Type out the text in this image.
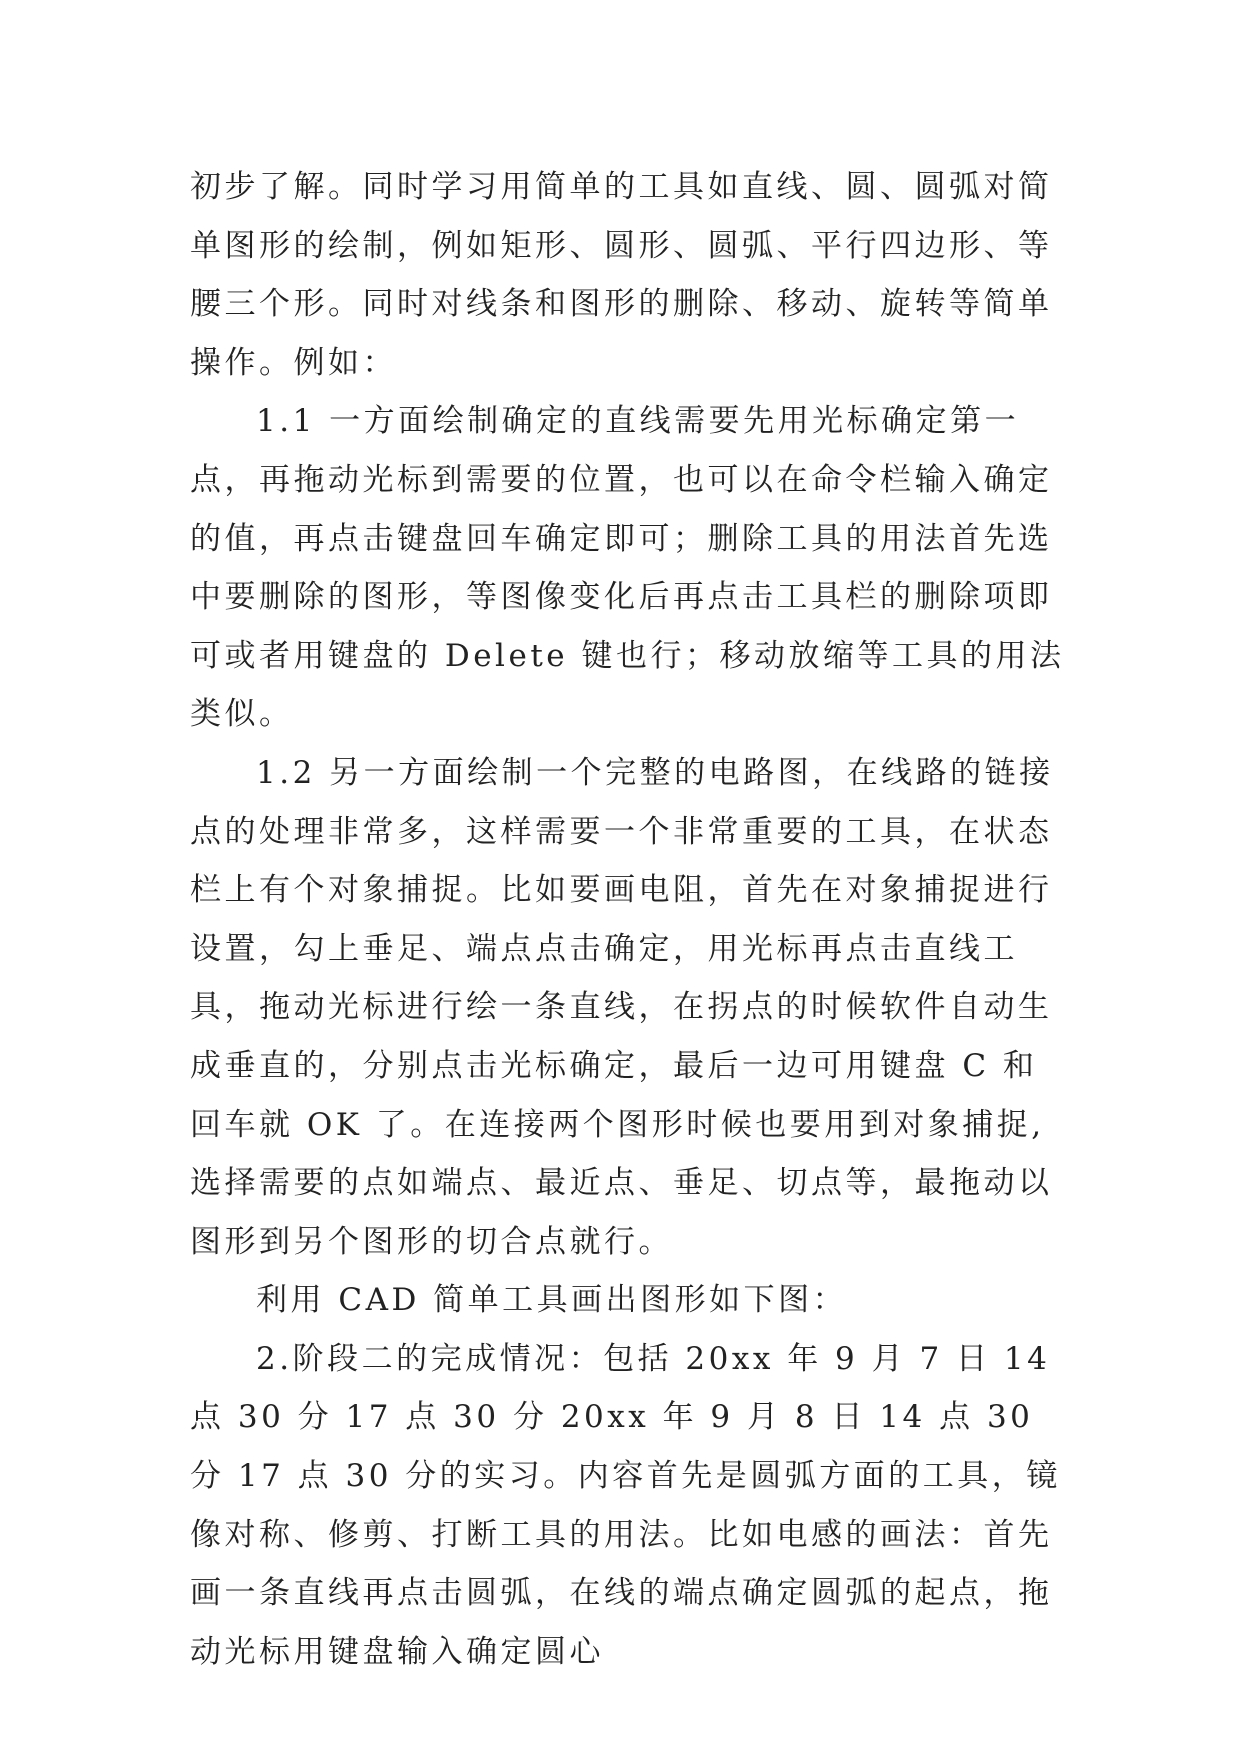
初步了解。同时学习用简单的工具如直线、圆、圆弧对简单图形的绘制，例如矩形、圆形、圆弧、平行四边形、等腰三个形。同时对线条和图形的删除、移动、旋转等简单操作。例如：

1.1 一方面绘制确定的直线需要先用光标确定第一点，再拖动光标到需要的位置，也可以在命令栏输入确定的值，再点击键盘回车确定即可；删除工具的用法首先选中要删除的图形，等图像变化后再点击工具栏的删除项即可或者用键盘的 Delete 键也行；移动放缩等工具的用法类似。

1.2 另一方面绘制一个完整的电路图，在线路的链接点的处理非常多，这样需要一个非常重要的工具，在状态栏上有个对象捕捉。比如要画电阻，首先在对象捕捉进行设置，勾上垂足、端点点击确定，用光标再点击直线工具，拖动光标进行绘一条直线，在拐点的时候软件自动生成垂直的，分别点击光标确定，最后一边可用键盘 C 和回车就 OK 了。在连接两个图形时候也要用到对象捕捉,选择需要的点如端点、最近点、垂足、切点等，最拖动以图形到另个图形的切合点就行。

利用 CAD 简单工具画出图形如下图：

2.阶段二的完成情况：包括 20xx 年 9 月 7 日 14 点 30 分 17 点 30 分 20xx 年 9 月 8 日 14 点 30 分 17 点 30 分的实习。内容首先是圆弧方面的工具，镜像对称、修剪、打断工具的用法。比如电感的画法：首先画一条直线再点击圆弧，在线的端点确定圆弧的起点，拖动光标用键盘输入确定圆心
